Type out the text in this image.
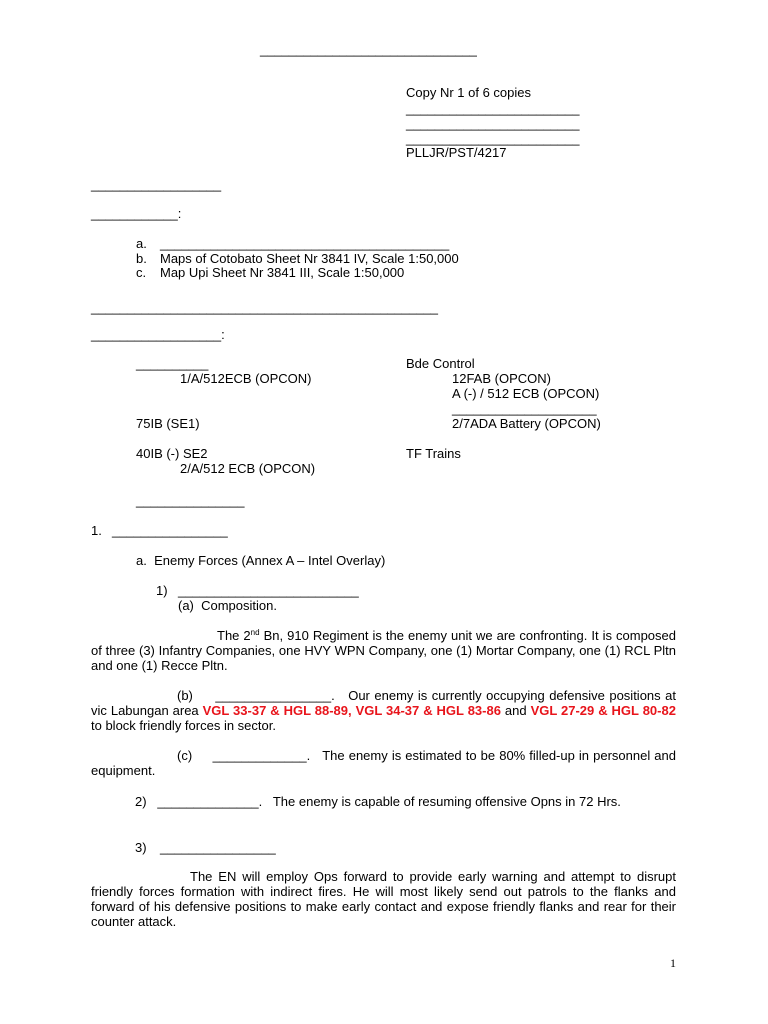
______________________________
Copy Nr 1 of 6 copies
________________________
________________________
________________________
PLLJR/PST/4217
__________________
____________:
a. ________________________________________
b. Maps of Cotobato Sheet Nr 3841 IV, Scale 1:50,000
c. Map Upi Sheet Nr 3841 III, Scale 1:50,000
________________________________________________
__________________:
__________
1/A/512ECB (OPCON)
Bde Control
12FAB (OPCON)
A (-) / 512 ECB (OPCON)
____________________
2/7ADA Battery (OPCON)
75IB (SE1)
40IB (-) SE2
2/A/512 ECB (OPCON)
TF Trains
_______________
1. ________________
a.  Enemy Forces (Annex A – Intel Overlay)
1) _________________________
(a)  Composition.
The 2nd Bn, 910 Regiment is the enemy unit we are confronting. It is composed of three (3) Infantry Companies, one HVY WPN Company, one (1) Mortar Company, one (1) RCL Pltn and one (1) Recce Pltn.
(b) ________________. Our enemy is currently occupying defensive positions at vic Labungan area VGL 33-37 & HGL 88-89, VGL 34-37 & HGL 83-86 and VGL 27-29 & HGL 80-82 to block friendly forces in sector.
(c) _____________. The enemy is estimated to be 80% filled-up in personnel and equipment.
2) ______________. The enemy is capable of resuming offensive Opns in 72 Hrs.
3) ________________
The EN will employ Ops forward to provide early warning and attempt to disrupt friendly forces formation with indirect fires. He will most likely send out patrols to the flanks and forward of his defensive positions to make early contact and expose friendly flanks and rear for their counter attack.
1
